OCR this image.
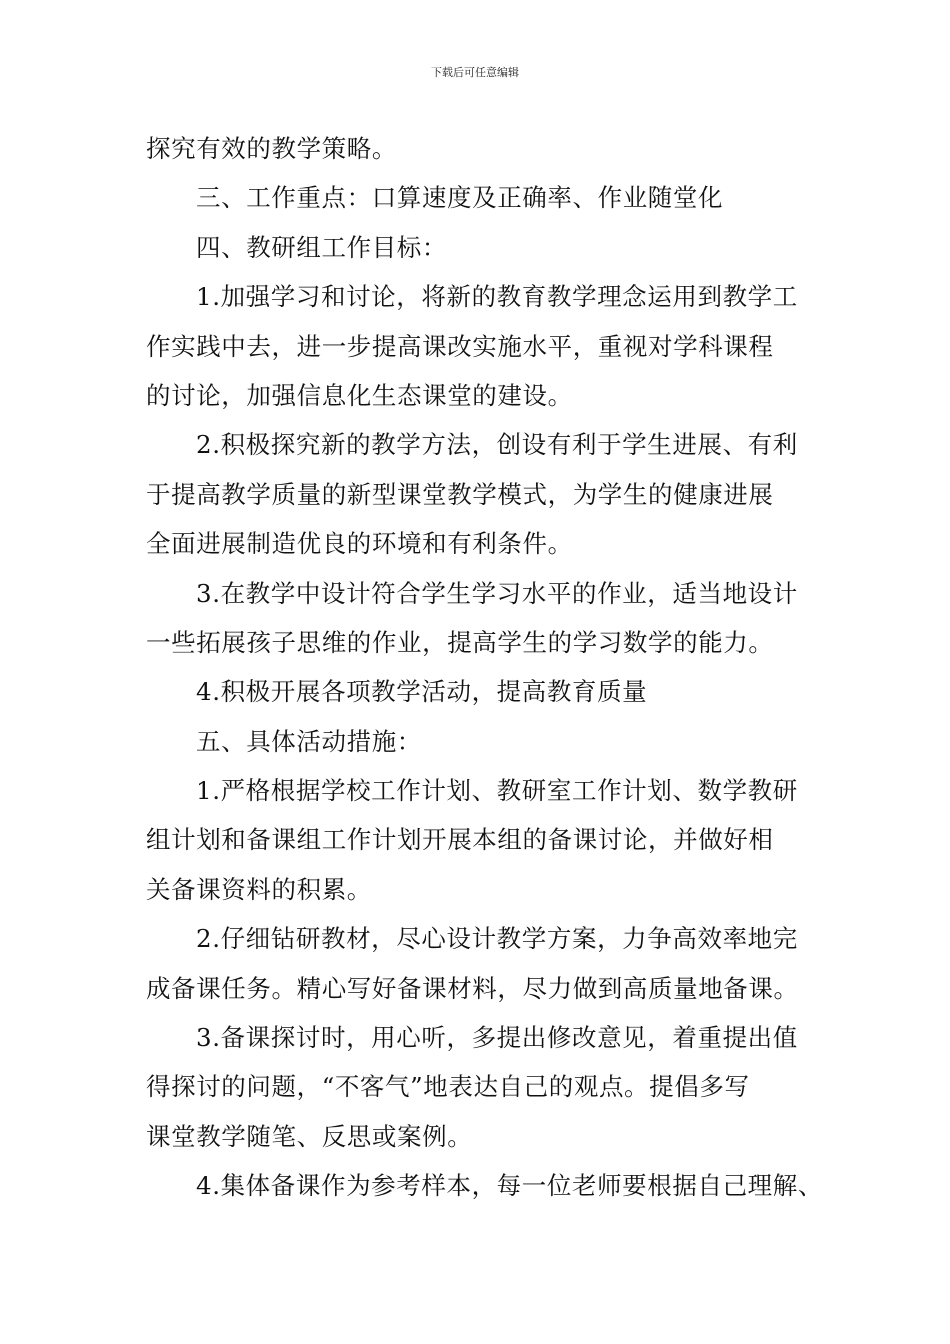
下载后可任意编辑
探究有效的教学策略。
三、工作重点：口算速度及正确率、作业随堂化
四、教研组工作目标：
1.加强学习和讨论，将新的教育教学理念运用到教学工
作实践中去，进一步提高课改实施水平，重视对学科课程
的讨论，加强信息化生态课堂的建设。
2.积极探究新的教学方法，创设有利于学生进展、有利
于提高教学质量的新型课堂教学模式，为学生的健康进展
全面进展制造优良的环境和有利条件。
3.在教学中设计符合学生学习水平的作业，适当地设计
一些拓展孩子思维的作业，提高学生的学习数学的能力。
4.积极开展各项教学活动，提高教育质量
五、具体活动措施：
1.严格根据学校工作计划、教研室工作计划、数学教研
组计划和备课组工作计划开展本组的备课讨论，并做好相
关备课资料的积累。
2.仔细钻研教材，尽心设计教学方案，力争高效率地完
成备课任务。精心写好备课材料，尽力做到高质量地备课。
3.备课探讨时，用心听，多提出修改意见，着重提出值
得探讨的问题，“不客气”地表达自己的观点。提倡多写
课堂教学随笔、反思或案例。
4.集体备课作为参考样本，每一位老师要根据自己理解、
